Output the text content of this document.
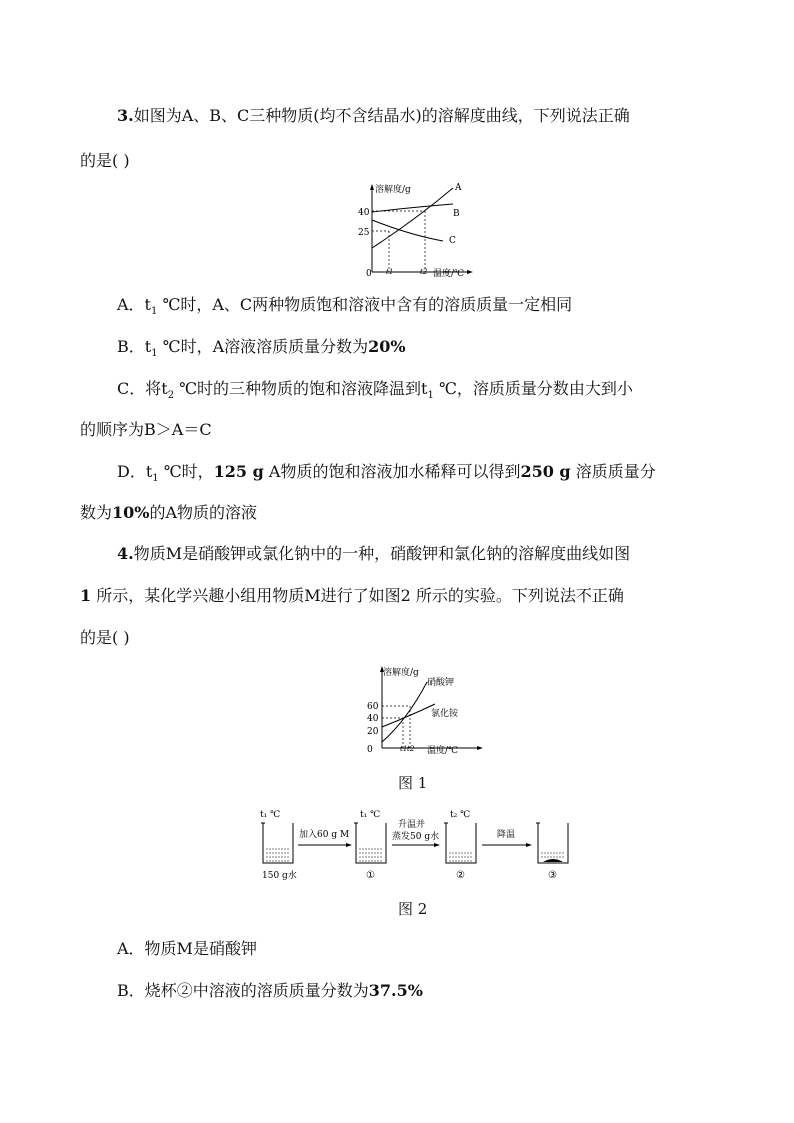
3.如图为A、B、C三种物质(均不含结晶水)的溶解度曲线，下列说法正确
的是( )
溶解度/g
温度/℃
0
40
25
t1	t2
A
B
C
A．$t_1$ ℃时，A、C两种物质饱和溶液中含有的溶质质量一定相同
B．$t_1$ ℃时，A溶液溶质质量分数为20%
C．将$t_2$ ℃时的三种物质的饱和溶液降温到$t_1$ ℃，溶质质量分数由大到小
的顺序为B＞A＝C
D．$t_1$ ℃时，125 g A物质的饱和溶液加水稀释可以得到250 g 溶质质量分
数为10%的A物质的溶液
4.物质M是硝酸钾或氯化钠中的一种，硝酸钾和氯化钠的溶解度曲线如图
1 所示，某化学兴趣小组用物质M进行了如图2 所示的实验。下列说法不正确
的是( )
溶解度/g
温度/℃
0
60
40
20
t1 t2
硝酸钾
氯化铵
图 1
t₁ ℃
150 g水
加入60 g M
t₁ ℃
①
升温并
蒸发50 g水
t₂ ℃
②
降温
③
图 2
A．物质M是硝酸钾
B．烧杯②中溶液的溶质质量分数为37.5%
